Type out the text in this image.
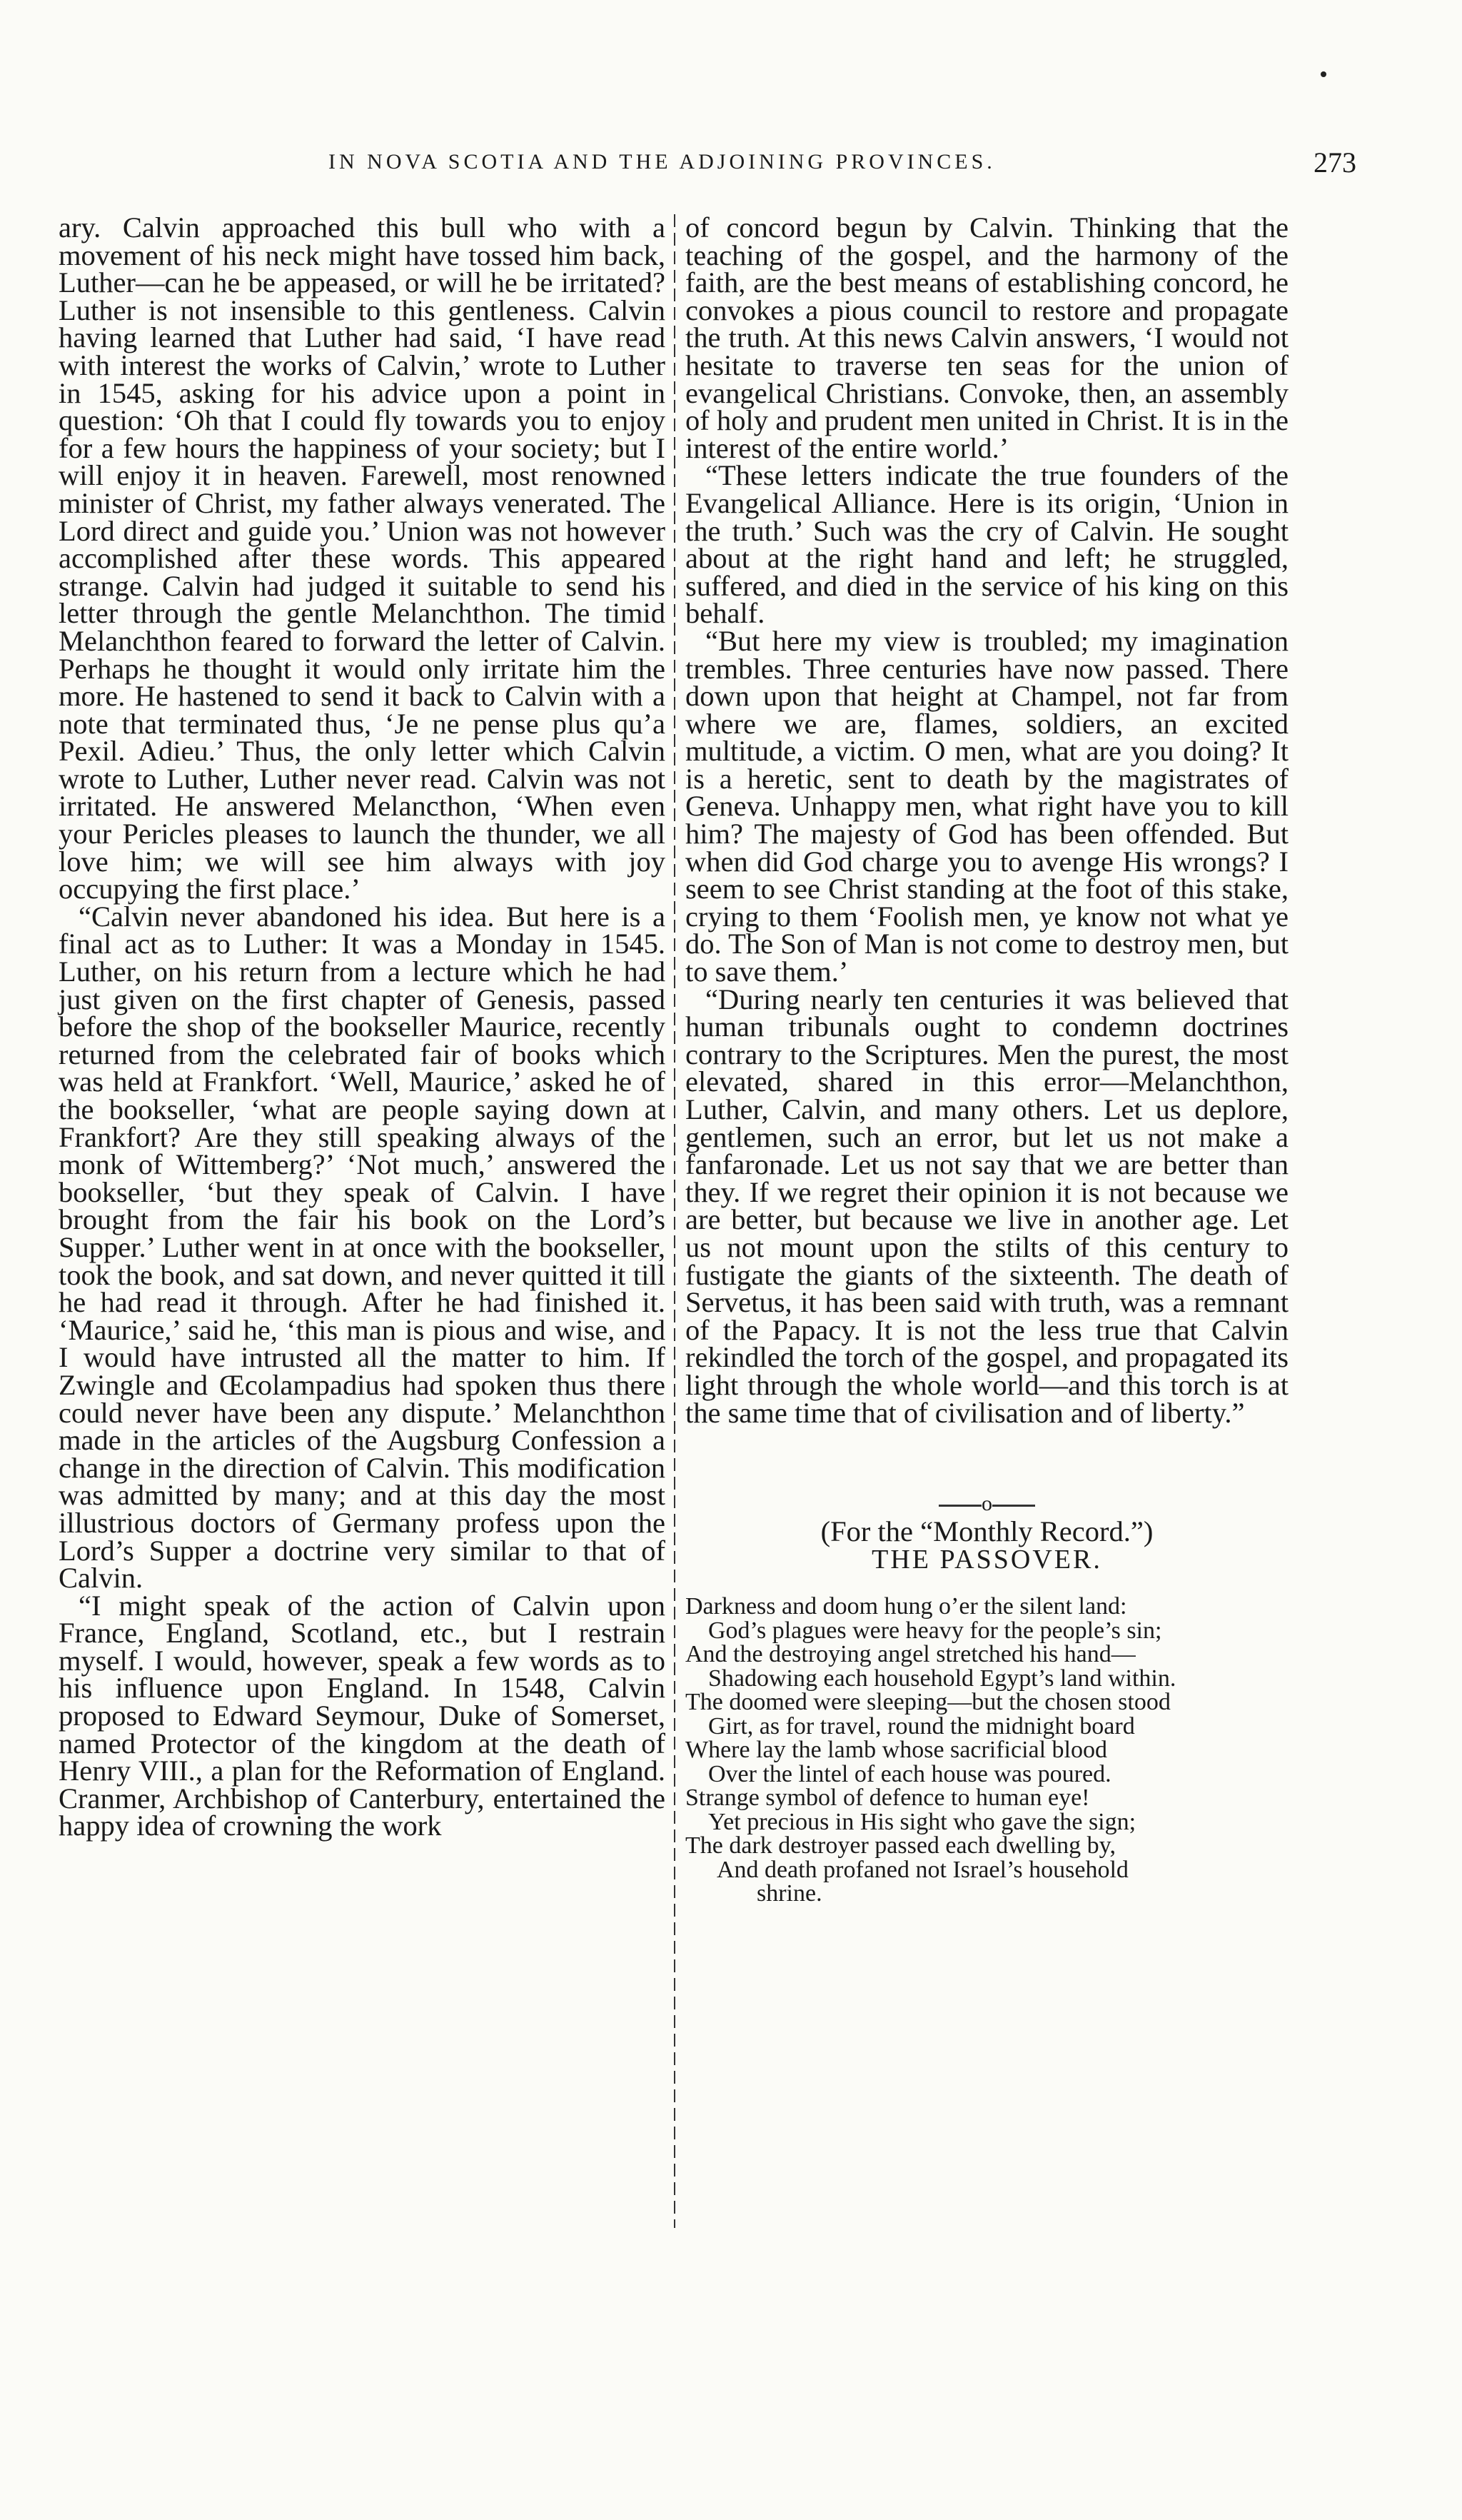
IN NOVA SCOTIA AND THE ADJOINING PROVINCES.	273

ary. Calvin approached this bull who with a movement of his neck might have tossed him back, Luther—can he be appeased, or will he be irritated? Luther is not insensible to this gentleness. Calvin having learned that Luther had said, ‘I have read with interest the works of Calvin,’ wrote to Luther in 1545, asking for his advice upon a point in question: ‘Oh that I could fly towards you to enjoy for a few hours the happiness of your society; but I will enjoy it in heaven. Farewell, most renowned minister of Christ, my father always venerated. The Lord direct and guide you.’ Union was not however accomplished after these words. This appeared strange. Calvin had judged it suitable to send his letter through the gentle Melanchthon. The timid Melanchthon feared to forward the letter of Calvin. Perhaps he thought it would only irritate him the more. He hastened to send it back to Calvin with a note that terminated thus, ‘Je ne pense plus qu’a Pexil. Adieu.’ Thus, the only letter which Calvin wrote to Luther, Luther never read. Calvin was not irritated. He answered Melancthon, ‘When even your Pericles pleases to launch the thunder, we all love him; we will see him always with joy occupying the first place.’

“Calvin never abandoned his idea. But here is a final act as to Luther: It was a Monday in 1545. Luther, on his return from a lecture which he had just given on the first chapter of Genesis, passed before the shop of the bookseller Maurice, recently returned from the celebrated fair of books which was held at Frankfort. ‘Well, Maurice,’ asked he of the bookseller, ‘what are people saying down at Frankfort? Are they still speaking always of the monk of Wittemberg?’ ‘Not much,’ answered the bookseller, ‘but they speak of Calvin. I have brought from the fair his book on the Lord’s Supper.’ Luther went in at once with the bookseller, took the book, and sat down, and never quitted it till he had read it through. After he had finished it. ‘Maurice,’ said he, ‘this man is pious and wise, and I would have intrusted all the matter to him. If Zwingle and Œcolampadius had spoken thus there could never have been any dispute.’ Melanchthon made in the articles of the Augsburg Confession a change in the direction of Calvin. This modification was admitted by many; and at this day the most illustrious doctors of Germany profess upon the Lord’s Supper a doctrine very similar to that of Calvin.

“I might speak of the action of Calvin upon France, England, Scotland, etc., but I restrain myself. I would, however, speak a few words as to his influence upon England. In 1548, Calvin proposed to Edward Seymour, Duke of Somerset, named Protector of the kingdom at the death of Henry VIII., a plan for the Reformation of England. Cranmer, Archbishop of Canterbury, entertained the happy idea of crowning the work

of concord begun by Calvin. Thinking that the teaching of the gospel, and the harmony of the faith, are the best means of establishing concord, he convokes a pious council to restore and propagate the truth. At this news Calvin answers, ‘I would not hesitate to traverse ten seas for the union of evangelical Christians. Convoke, then, an assembly of holy and prudent men united in Christ. It is in the interest of the entire world.’

“These letters indicate the true founders of the Evangelical Alliance. Here is its origin, ‘Union in the truth.’ Such was the cry of Calvin. He sought about at the right hand and left; he struggled, suffered, and died in the service of his king on this behalf.

“But here my view is troubled; my imagination trembles. Three centuries have now passed. There down upon that height at Champel, not far from where we are, flames, soldiers, an excited multitude, a victim. O men, what are you doing? It is a heretic, sent to death by the magistrates of Geneva. Unhappy men, what right have you to kill him? The majesty of God has been offended. But when did God charge you to avenge His wrongs? I seem to see Christ standing at the foot of this stake, crying to them ‘Foolish men, ye know not what ye do. The Son of Man is not come to destroy men, but to save them.’

“During nearly ten centuries it was believed that human tribunals ought to condemn doctrines contrary to the Scriptures. Men the purest, the most elevated, shared in this error—Melanchthon, Luther, Calvin, and many others. Let us deplore, gentlemen, such an error, but let us not make a fanfaronade. Let us not say that we are better than they. If we regret their opinion it is not because we are better, but because we live in another age. Let us not mount upon the stilts of this century to fustigate the giants of the sixteenth. The death of Servetus, it has been said with truth, was a remnant of the Papacy. It is not the less true that Calvin rekindled the torch of the gospel, and propagated its light through the whole world—and this torch is at the same time that of civilisation and of liberty.”

o

(For the “Monthly Record.”)

THE PASSOVER.

Darkness and doom hung o’er the silent land:
God’s plagues were heavy for the people’s sin;
And the destroying angel stretched his hand—
Shadowing each household Egypt’s land within.
The doomed were sleeping—but the chosen stood
Girt, as for travel, round the midnight board
Where lay the lamb whose sacrificial blood
Over the lintel of each house was poured.
Strange symbol of defence to human eye!
Yet precious in His sight who gave the sign;
The dark destroyer passed each dwelling by,
And death profaned not Israel’s household
shrine.
